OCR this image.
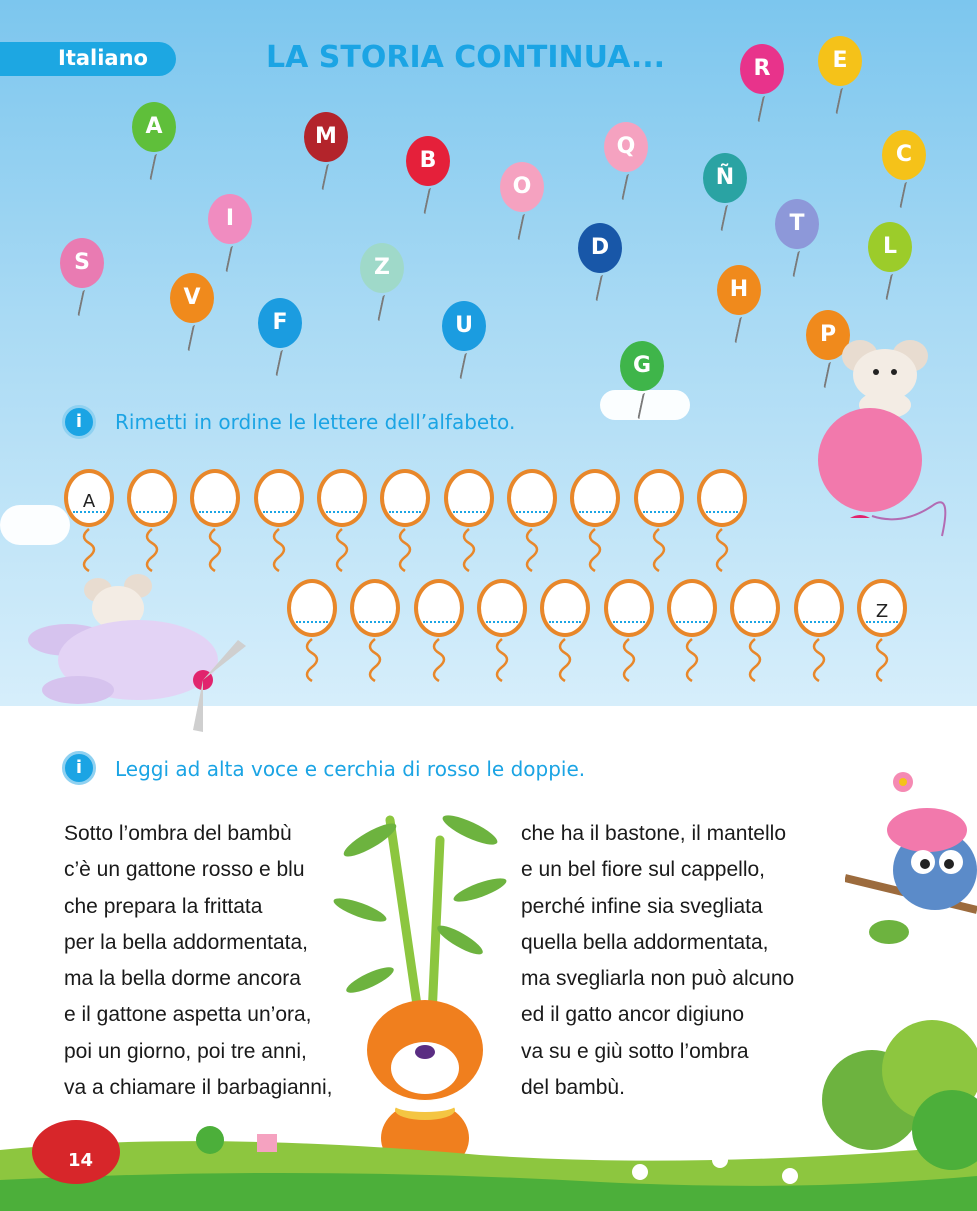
Italiano	LA STORIA CONTINUA...
A	M
B
Q
R	E
C
Ñ
O
I	T
L
S	Z
D
V
F	U
H
P
G
i	Rimetti in ordine le lettere dell’alfabeto.
A
Z
i	Leggi ad alta voce e cerchia di rosso le doppie.
Sotto l’ombra del bambù
c’è un gattone rosso e blu
che prepara la frittata
per la bella addormentata,
ma la bella dorme ancora
e il gattone aspetta un’ora,
poi un giorno, poi tre anni,
va a chiamare il barbagianni,
che ha il bastone, il mantello
e un bel fiore sul cappello,
perché infine sia svegliata
quella bella addormentata,
ma svegliarla non può alcuno
ed il gatto ancor digiuno
va su e giù sotto l’ombra
del bambù.
14
